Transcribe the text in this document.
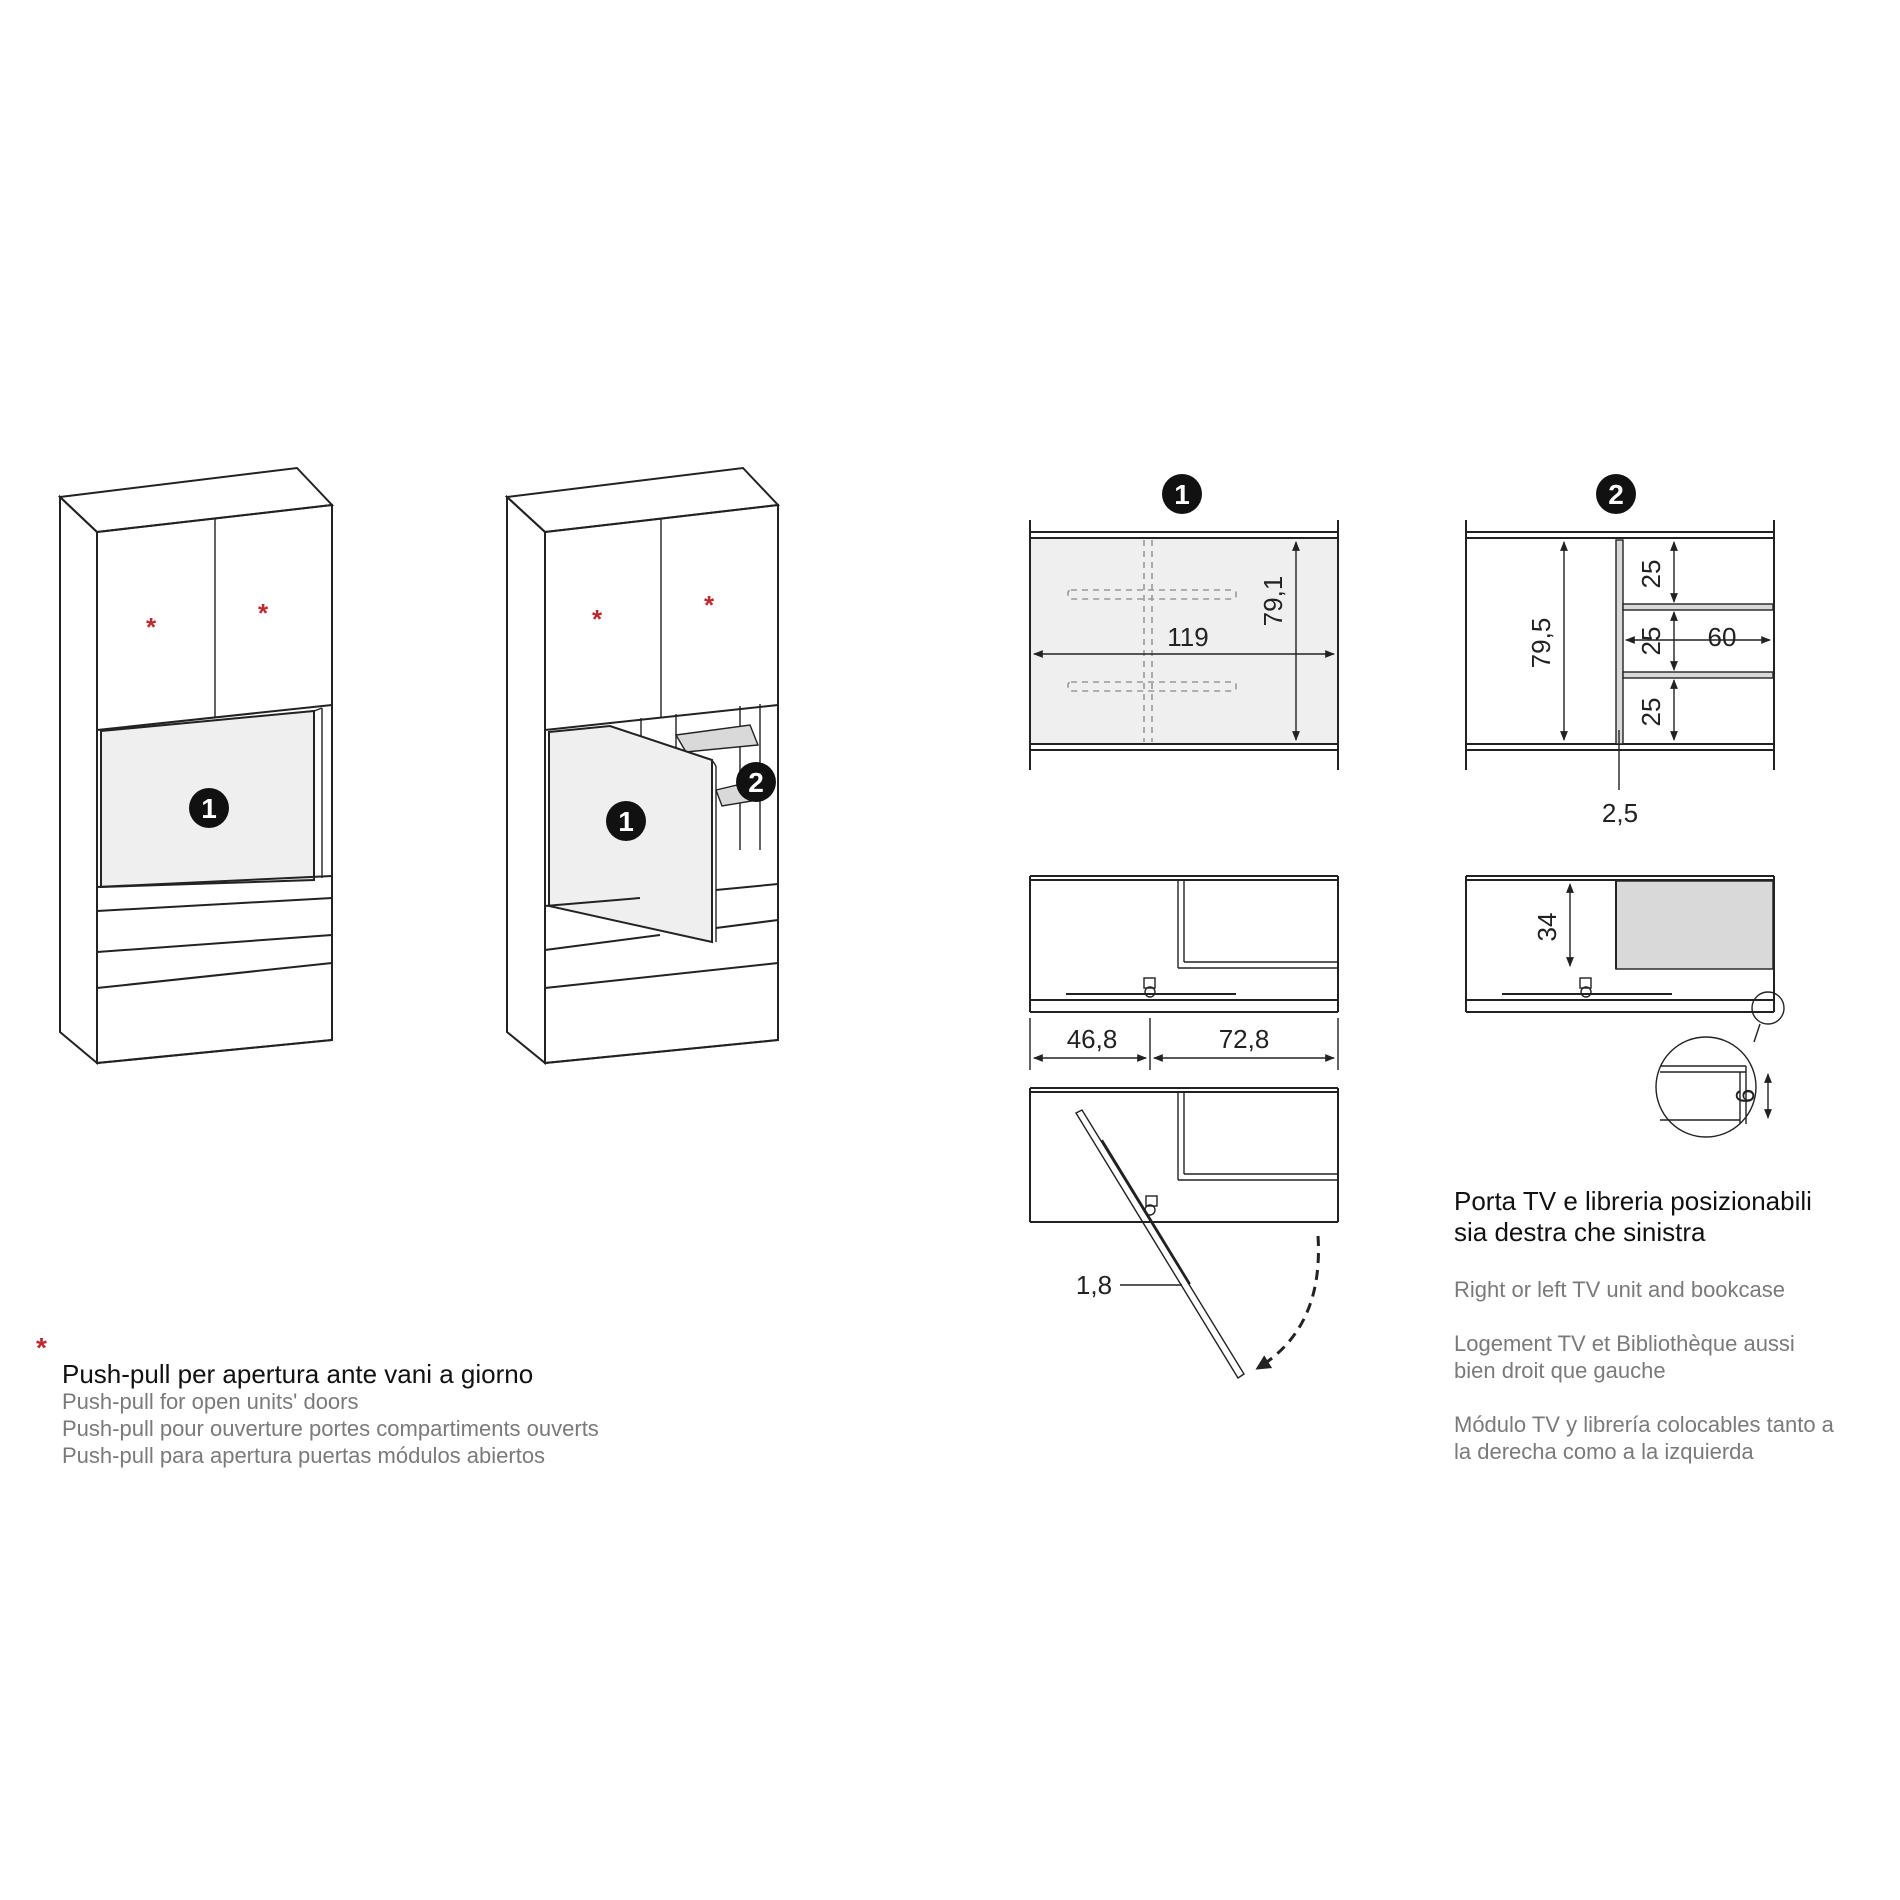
*	*
1
*	*
1
2
1
119
79,1
2
79,5
25
25
25
60
2,5
46,8	72,8
34
6
1,8
*

Push-pull per apertura ante vani a giorno

Push-pull for open units' doors

Push-pull pour ouverture portes compartiments ouverts

Push-pull para apertura puertas módulos abiertos

Porta TV e libreria posizionabili

sia destra che sinistra

Right or left TV unit and bookcase

Logement TV et Bibliothèque aussi

bien droit que gauche

Módulo TV y librería colocables tanto a

la derecha como a la izquierda
